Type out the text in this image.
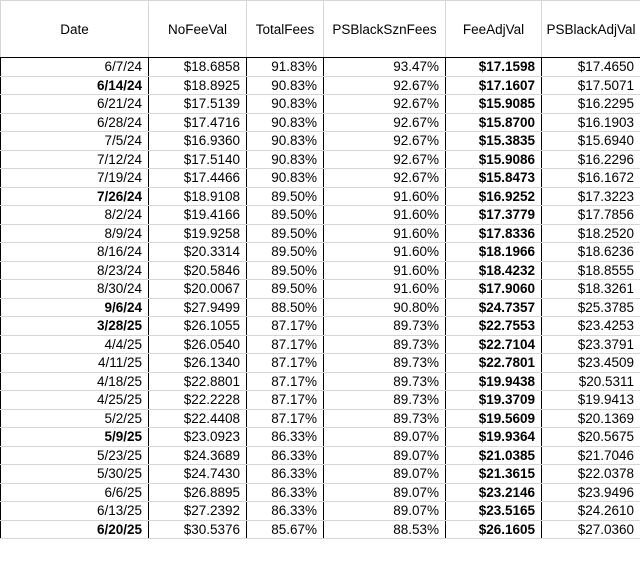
Date	NoFeeVal	TotalFees	PSBlackSznFees	FeeAdjVal	PSBlackAdjVal
6/7/24	$18.6858	91.83%	93.47%	$17.1598	$17.4650
6/14/24	$18.8925	90.83%	92.67%	$17.1607	$17.5071
6/21/24	$17.5139	90.83%	92.67%	$15.9085	$16.2295
6/28/24	$17.4716	90.83%	92.67%	$15.8700	$16.1903
7/5/24	$16.9360	90.83%	92.67%	$15.3835	$15.6940
7/12/24	$17.5140	90.83%	92.67%	$15.9086	$16.2296
7/19/24	$17.4466	90.83%	92.67%	$15.8473	$16.1672
7/26/24	$18.9108	89.50%	91.60%	$16.9252	$17.3223
8/2/24	$19.4166	89.50%	91.60%	$17.3779	$17.7856
8/9/24	$19.9258	89.50%	91.60%	$17.8336	$18.2520
8/16/24	$20.3314	89.50%	91.60%	$18.1966	$18.6236
8/23/24	$20.5846	89.50%	91.60%	$18.4232	$18.8555
8/30/24	$20.0067	89.50%	91.60%	$17.9060	$18.3261
9/6/24	$27.9499	88.50%	90.80%	$24.7357	$25.3785
3/28/25	$26.1055	87.17%	89.73%	$22.7553	$23.4253
4/4/25	$26.0540	87.17%	89.73%	$22.7104	$23.3791
4/11/25	$26.1340	87.17%	89.73%	$22.7801	$23.4509
4/18/25	$22.8801	87.17%	89.73%	$19.9438	$20.5311
4/25/25	$22.2228	87.17%	89.73%	$19.3709	$19.9413
5/2/25	$22.4408	87.17%	89.73%	$19.5609	$20.1369
5/9/25	$23.0923	86.33%	89.07%	$19.9364	$20.5675
5/23/25	$24.3689	86.33%	89.07%	$21.0385	$21.7046
5/30/25	$24.7430	86.33%	89.07%	$21.3615	$22.0378
6/6/25	$26.8895	86.33%	89.07%	$23.2146	$23.9496
6/13/25	$27.2392	86.33%	89.07%	$23.5165	$24.2610
6/20/25	$30.5376	85.67%	88.53%	$26.1605	$27.0360
